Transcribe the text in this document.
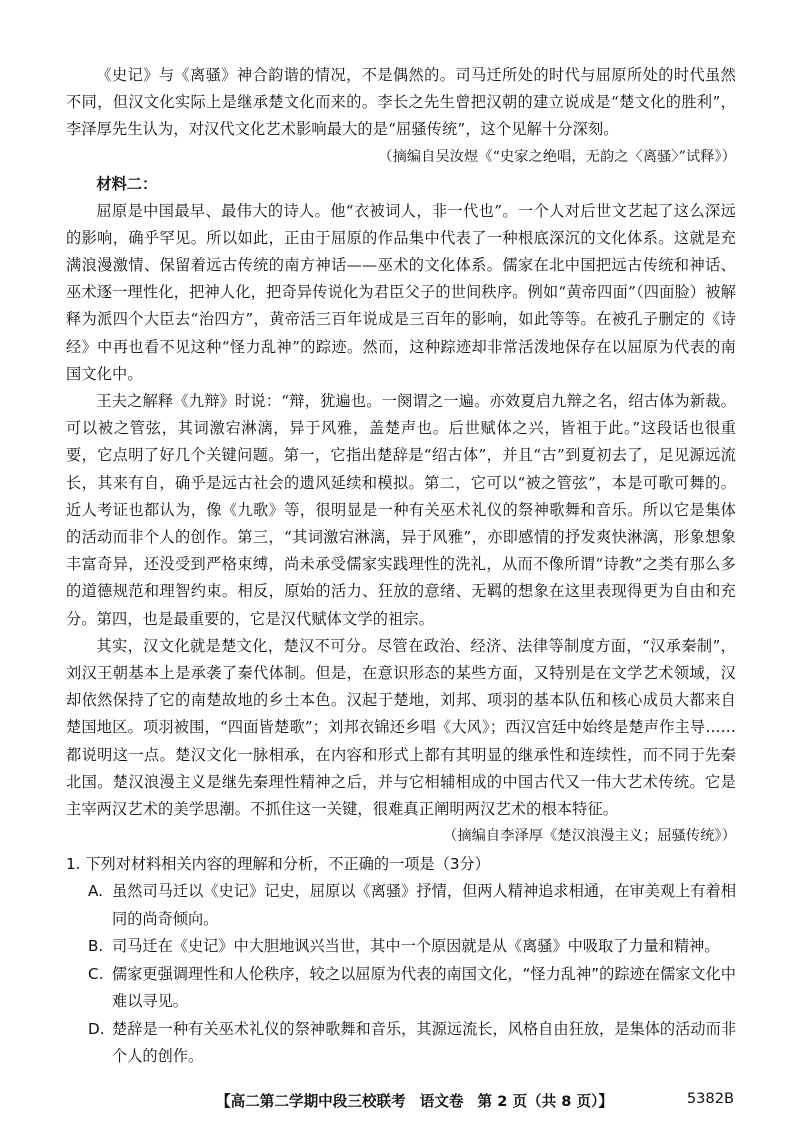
《史记》与《离骚》神合韵谐的情况，不是偶然的。司马迁所处的时代与屈原所处的时代虽然不同，但汉文化实际上是继承楚文化而来的。李长之先生曾把汉朝的建立说成是“楚文化的胜利”，李泽厚先生认为，对汉代文化艺术影响最大的是“屈骚传统”，这个见解十分深刻。

（摘编自吴汝煜《“史家之绝唱，无韵之〈离骚〉”试释》）

材料二：

屈原是中国最早、最伟大的诗人。他“衣被词人，非一代也”。一个人对后世文艺起了这么深远的影响，确乎罕见。所以如此，正由于屈原的作品集中代表了一种根底深沉的文化体系。这就是充满浪漫激情、保留着远古传统的南方神话——巫术的文化体系。儒家在北中国把远古传统和神话、巫术逐一理性化，把神人化，把奇异传说化为君臣父子的世间秩序。例如“黄帝四面”（四面脸）被解释为派四个大臣去“治四方”，黄帝活三百年说成是三百年的影响，如此等等。在被孔子删定的《诗经》中再也看不见这种“怪力乱神”的踪迹。然而，这种踪迹却非常活泼地保存在以屈原为代表的南国文化中。

王夫之解释《九辩》时说：“辩，犹遍也。一阕谓之一遍。亦效夏启九辩之名，绍古体为新裁。可以被之管弦，其词激宕淋漓，异于风雅，盖楚声也。后世赋体之兴，皆祖于此。”这段话也很重要，它点明了好几个关键问题。第一，它指出楚辞是“绍古体”，并且“古”到夏初去了，足见源远流长，其来有自，确乎是远古社会的遗风延续和模拟。第二，它可以“被之管弦”，本是可歌可舞的。近人考证也都认为，像《九歌》等，很明显是一种有关巫术礼仪的祭神歌舞和音乐。所以它是集体的活动而非个人的创作。第三，“其词激宕淋漓，异于风雅”，亦即感情的抒发爽快淋漓，形象想象丰富奇异，还没受到严格束缚，尚未承受儒家实践理性的洗礼，从而不像所谓“诗教”之类有那么多的道德规范和理智约束。相反，原始的活力、狂放的意绪、无羁的想象在这里表现得更为自由和充分。第四，也是最重要的，它是汉代赋体文学的祖宗。

其实，汉文化就是楚文化，楚汉不可分。尽管在政治、经济、法律等制度方面，“汉承秦制”，刘汉王朝基本上是承袭了秦代体制。但是，在意识形态的某些方面，又特别是在文学艺术领域，汉却依然保持了它的南楚故地的乡土本色。汉起于楚地，刘邦、项羽的基本队伍和核心成员大都来自楚国地区。项羽被围，“四面皆楚歌”；刘邦衣锦还乡唱《大风》；西汉宫廷中始终是楚声作主导……都说明这一点。楚汉文化一脉相承，在内容和形式上都有其明显的继承性和连续性，而不同于先秦北国。楚汉浪漫主义是继先秦理性精神之后，并与它相辅相成的中国古代又一伟大艺术传统。它是主宰两汉艺术的美学思潮。不抓住这一关键，很难真正阐明两汉艺术的根本特征。

（摘编自李泽厚《楚汉浪漫主义；屈骚传统》）

1. 下列对材料相关内容的理解和分析，不正确的一项是（3分）

A. 虽然司马迁以《史记》记史，屈原以《离骚》抒情，但两人精神追求相通，在审美观上有着相同的尚奇倾向。
B. 司马迁在《史记》中大胆地讽兴当世，其中一个原因就是从《离骚》中吸取了力量和精神。
C. 儒家更强调理性和人伦秩序，较之以屈原为代表的南国文化，“怪力乱神”的踪迹在儒家文化中难以寻见。
D. 楚辞是一种有关巫术礼仪的祭神歌舞和音乐，其源远流长，风格自由狂放，是集体的活动而非个人的创作。
【高二第二学期中段三校联考 语文卷 第 2 页（共 8 页）】	5382B
